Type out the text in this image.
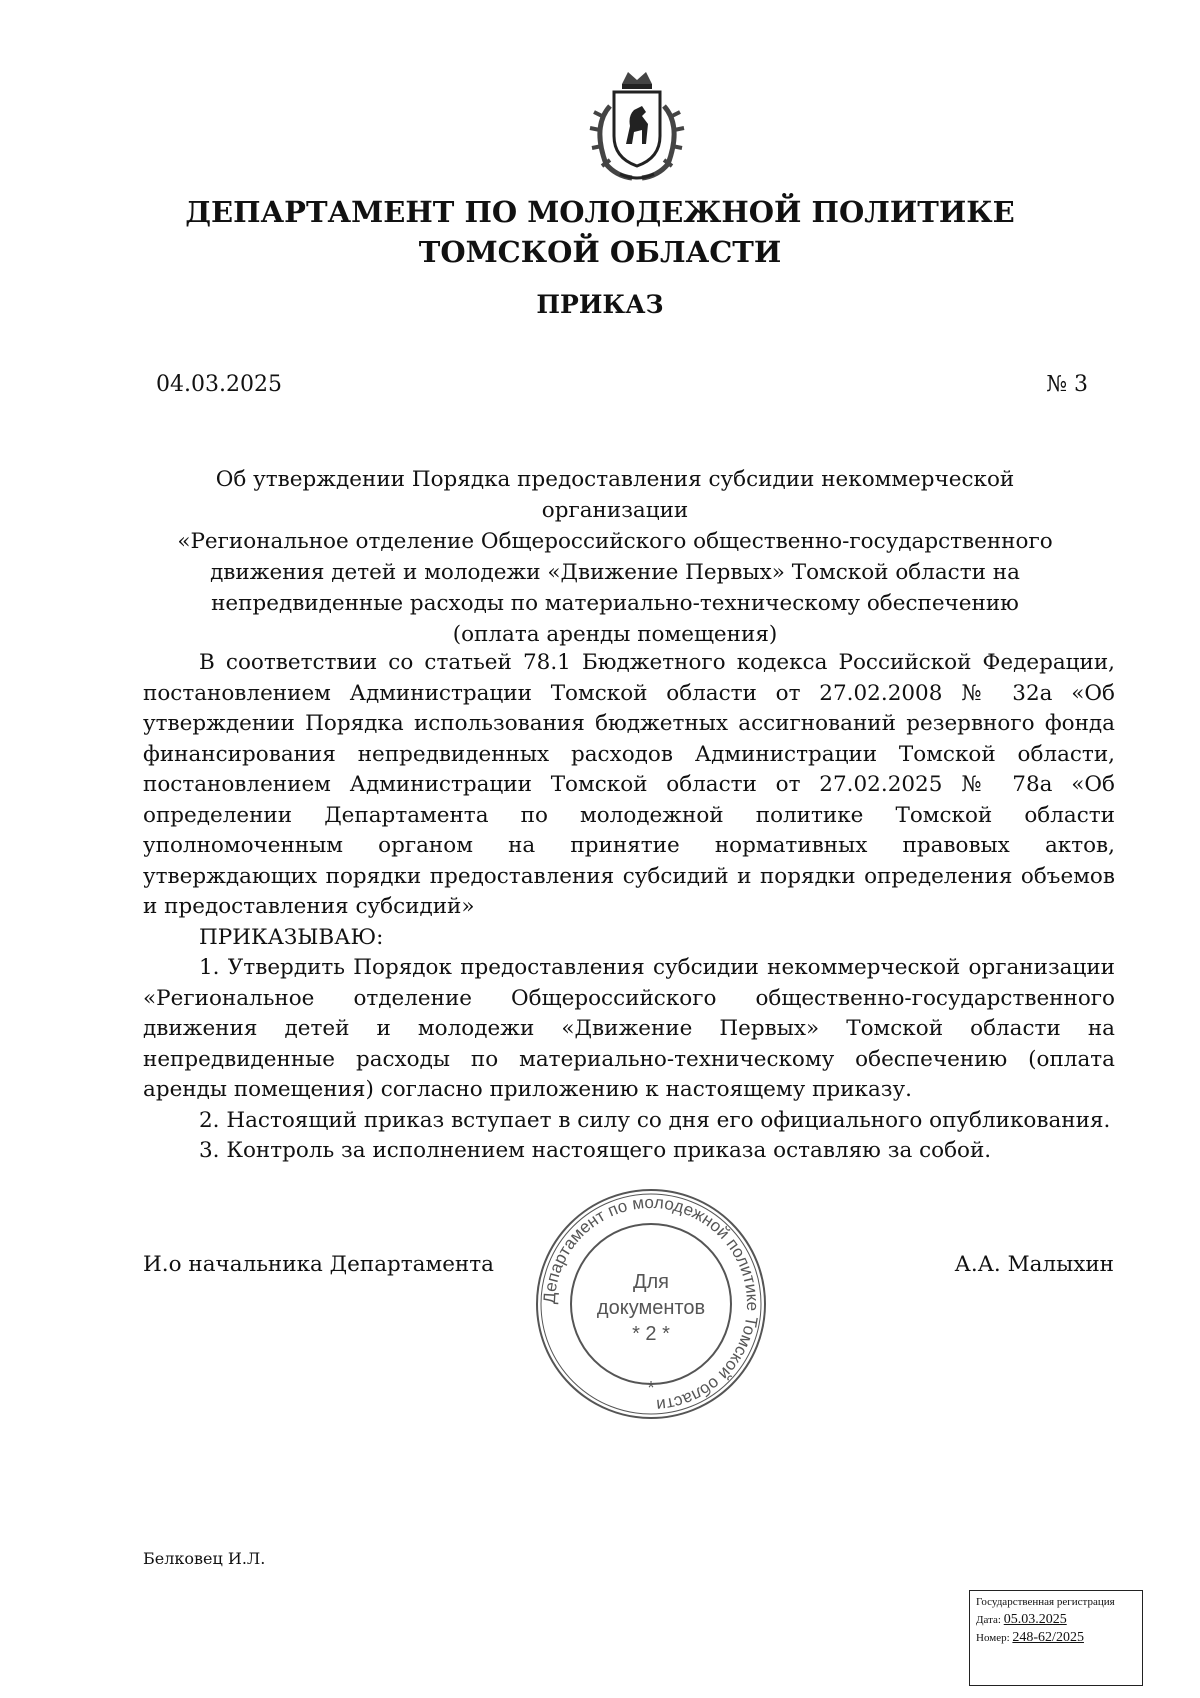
ДЕПАРТАМЕНТ ПО МОЛОДЕЖНОЙ ПОЛИТИКЕ
ТОМСКОЙ ОБЛАСТИ
ПРИКАЗ
04.03.2025	№ 3
Об утверждении Порядка предоставления субсидии некоммерческой организации
«Региональное отделение Общероссийского общественно-государственного
движения детей и молодежи «Движение Первых» Томской области на
непредвиденные расходы по материально-техническому обеспечению
(оплата аренды помещения)

В соответствии со статьей 78.1 Бюджетного кодекса Российской Федерации, постановлением Администрации Томской области от 27.02.2008 № 32а «Об утверждении Порядка использования бюджетных ассигнований резервного фонда финансирования непредвиденных расходов Администрации Томской области, постановлением Администрации Томской области от 27.02.2025 № 78а «Об определении Департамента по молодежной политике Томской области уполномоченным органом на принятие нормативных правовых актов, утверждающих порядки предоставления субсидий и порядки определения объемов и предоставления субсидий»

ПРИКАЗЫВАЮ:

1. Утвердить Порядок предоставления субсидии некоммерческой организации «Региональное отделение Общероссийского общественно-государственного движения детей и молодежи «Движение Первых» Томской области на непредвиденные расходы по материально-техническому обеспечению (оплата аренды помещения) согласно приложению к настоящему приказу.

2. Настоящий приказ вступает в силу со дня его официального опубликования.

3. Контроль за исполнением настоящего приказа оставляю за собой.

И.о начальника Департамента	А.А. Малыхин
Департамент по молодежной политике Томской области
Для
документов
* 2 *
*
Белковец И.Л.
Государственная регистрация
Дата: 05.03.2025
Номер: 248-62/2025
